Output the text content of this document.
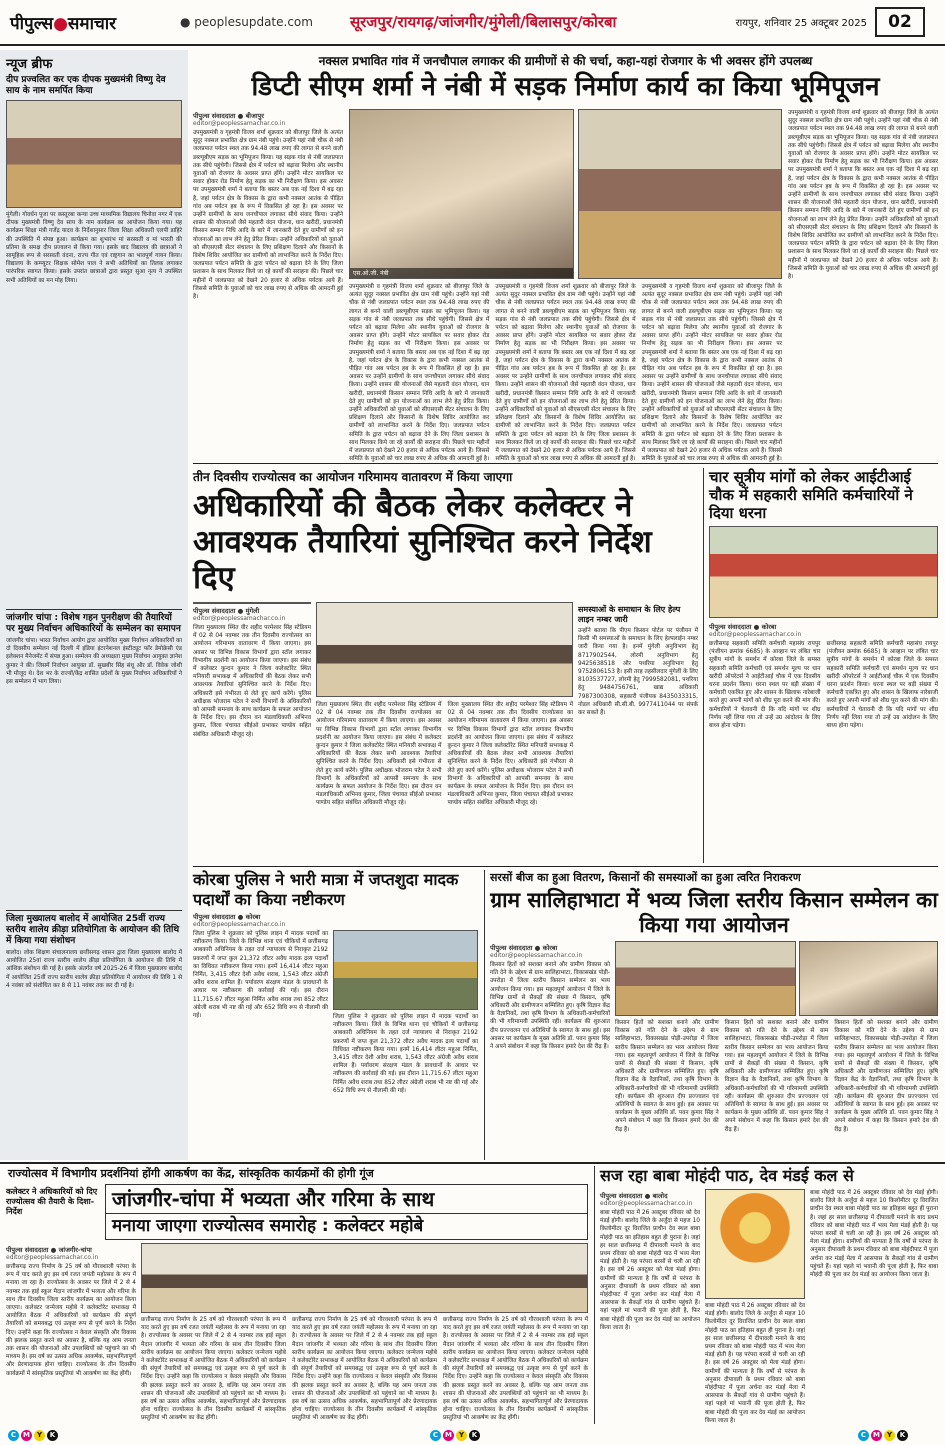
पीपुल्स●समाचार	● peoplesupdate.com	सूरजपुर/रायगढ़/जांजगीर/मुंगेली/बिलासपुर/कोरबा	रायपुर, शनिवार 25 अक्टूबर 2025	02
न्यूज ब्रीफ
दीप प्रज्वलित कर एक दीपक मुख्यमंत्री विष्णु देव साय के नाम समर्पित किया
मुंगेली। गोवर्धन पूजा पर कस्तूरबा कन्या उच्च माध्यमिक विद्यालय चिनोवा नगर में एक दीपक मुख्यमंत्री विष्णु देव साय के नाम कार्यक्रम का आयोजन किया गया। यह कार्यक्रम शिक्षा मंत्री गजेंद्र यादव के निर्देशानुसार जिला शिक्षा अधिकारी एलपी डाहिरे की उपस्थिति में संपन्न हुआ। कार्यक्रम का शुभारंभ मां सरस्वती व मां भारती की प्रतिमा के समक्ष दीप प्रज्वलन से किया गया। इसके बाद विद्यालय की छात्राओं ने सामूहिक रूप से सरस्वती वंदना, राज्य गीत एवं राष्ट्रगान का भावपूर्ण गायन किया। विद्यालय के कम्प्यूटर शिक्षक सोमेश पाल ने सभी अतिथियों का तिलक लगाकर पारंपरिक स्वागत किया। इसके उपरांत छात्राओं द्वारा प्रस्तुत सुआ नृत्य ने उपस्थित सभी अतिथियों का मन मोह लिया।
जांजगीर चांपा : विशेष गहन पुनरीक्षण की तैयारियों पर मुख्य निर्वाचन अधिकारियों के सम्मेलन का समापन
जांजगीर चांपा। भारत निर्वाचन आयोग द्वारा आयोजित मुख्य निर्वाचन अधिकारियों का दो दिवसीय सम्मेलन नई दिल्ली में इंडिया इंटरनेशनल इंस्टीट्यूट फॉर डेमोक्रेसी एंड इलेक्शन मैनेजमेंट में संपन्न हुआ। सम्मेलन की अध्यक्षता मुख्य निर्वाचन आयुक्त ज्ञानेश कुमार ने की। जिसमें निर्वाचन आयुक्त डॉ. सुखबीर सिंह संधू और डॉ. विवेक जोशी भी मौजूद थे। देश भर के राज्यों/केंद्र शासित प्रदेशों के मुख्य निर्वाचन अधिकारियों ने इस सम्मेलन में भाग लिया।
जिला मुख्यालय बालोद में आयोजित 25वीं राज्य स्तरीय शालेय क्रीड़ा प्रतियोगिता के आयोजन की तिथि में किया गया संशोधन
बालोद। लोक शिक्षण संचालनालय छत्तीसगढ़ शासन द्वारा जिला मुख्यालय बालोद में आयोजित 25वां राज्य स्तरीय शालेय क्रीड़ा प्रतियोगिता के आयोजन की तिथि में आंशिक संशोधन की गई है। इसके अंतर्गत वर्ष 2025-26 में जिला मुख्यालय बालोद में आयोजित 25वीं राज्य स्तरीय शालेय क्रीड़ा प्रतियोगिता में आयोजन की तिथि 1 से 4 नवंबर को संशोधित कर 8 से 11 नवंबर तक कर दी गई है।
नक्सल प्रभावित गांव में जनचौपाल लगाकर की ग्रामीणों से की चर्चा, कहा-यहां रोजगार के भी अवसर होंगे उपलब्ध
डिप्टी सीएम शर्मा ने नंबी में सड़क निर्माण कार्य का किया भूमिपूजन
पीपुल्स संवाददाता ● बीजापुर
editor@peoplessamachar.co.in
उपमुख्यमंत्री व गृहमंत्री विजय शर्मा शुक्रवार को बीजापुर जिले के अत्यंत सुदूर नक्सल प्रभावित क्षेत्र ग्राम नंबी पहुंचे। उन्होंने यहां नंबी चौक से नंबी जलप्रपात पर्यटन स्थल तक 94.48 लाख रुपए की लागत से बनने वाली डब्ल्यूबीएम सड़क का भूमिपूजन किया। यह सड़क गांव से नंबी जलप्रपात तक सीधे पहुंचेगी। जिससे क्षेत्र में पर्यटन को बढ़ावा मिलेगा और स्थानीय युवाओं को रोजगार के अवसर प्राप्त होंगे। उन्होंने मोटर सायकिल पर सवार होकर रोड निर्माण हेतु सड़क का भी निरीक्षण किया। इस अवसर पर उपमुख्यमंत्री शर्मा ने बताया कि बस्तर अब एक नई दिशा में बढ़ रहा है, जहां पर्यटन क्षेत्र के विकास के द्वारा कभी नक्सल आतंक से पीड़ित गांव अब पर्यटन हब के रूप में विकसित हो रहा है। इस अवसर पर उन्होंने ग्रामीणों के साथ जनचौपाल लगाकर सीधे संवाद किया। उन्होंने शासन की योजनाओं जैसे महतारी वंदन योजना, धान खरीदी, प्रधानमंत्री किसान सम्मान निधि आदि के बारे में जानकारी देते हुए ग्रामीणों को इन योजनाओं का लाभ लेने हेतु प्रेरित किया। उन्होंने अधिकारियों को युवाओं को सीएसएसी सेंटर संचालन के लिए प्रशिक्षण दिलाने और किसानों के विशेष शिविर आयोजित कर ग्रामीणों को लाभान्वित करने के निर्देश दिए। जलप्रपात पर्यटन समिति के द्वारा पर्यटन को बढ़ावा देने के लिए जिला प्रशासन के साथ मिलकर किये जा रहे कार्यों की सराहना की। पिछले चार महीनों में जलप्रपात को देखने 20 हजार से अधिक पर्यटक आये हैं। जिससे समिति के युवाओं को चार लाख रुपए से अधिक की आमदनी हुई है।
एस.ओ.जी. नंबी
उपमुख्यमंत्री व गृहमंत्री विजय शर्मा शुक्रवार को बीजापुर जिले के अत्यंत सुदूर नक्सल प्रभावित क्षेत्र ग्राम नंबी पहुंचे। उन्होंने यहां नंबी चौक से नंबी जलप्रपात पर्यटन स्थल तक 94.48 लाख रुपए की लागत से बनने वाली डब्ल्यूबीएम सड़क का भूमिपूजन किया। यह सड़क गांव से नंबी जलप्रपात तक सीधे पहुंचेगी। जिससे क्षेत्र में पर्यटन को बढ़ावा मिलेगा और स्थानीय युवाओं को रोजगार के अवसर प्राप्त होंगे। उन्होंने मोटर सायकिल पर सवार होकर रोड निर्माण हेतु सड़क का भी निरीक्षण किया। इस अवसर पर उपमुख्यमंत्री शर्मा ने बताया कि बस्तर अब एक नई दिशा में बढ़ रहा है, जहां पर्यटन क्षेत्र के विकास के द्वारा कभी नक्सल आतंक से पीड़ित गांव अब पर्यटन हब के रूप में विकसित हो रहा है। इस अवसर पर उन्होंने ग्रामीणों के साथ जनचौपाल लगाकर सीधे संवाद किया। उन्होंने शासन की योजनाओं जैसे महतारी वंदन योजना, धान खरीदी, प्रधानमंत्री किसान सम्मान निधि आदि के बारे में जानकारी देते हुए ग्रामीणों को इन योजनाओं का लाभ लेने हेतु प्रेरित किया। उन्होंने अधिकारियों को युवाओं को सीएसएसी सेंटर संचालन के लिए प्रशिक्षण दिलाने और किसानों के विशेष शिविर आयोजित कर ग्रामीणों को लाभान्वित करने के निर्देश दिए। जलप्रपात पर्यटन समिति के द्वारा पर्यटन को बढ़ावा देने के लिए जिला प्रशासन के साथ मिलकर किये जा रहे कार्यों की सराहना की। पिछले चार महीनों में जलप्रपात को देखने 20 हजार से अधिक पर्यटक आये हैं। जिससे समिति के युवाओं को चार लाख रुपए से अधिक की आमदनी हुई है।
उपमुख्यमंत्री व गृहमंत्री विजय शर्मा शुक्रवार को बीजापुर जिले के अत्यंत सुदूर नक्सल प्रभावित क्षेत्र ग्राम नंबी पहुंचे। उन्होंने यहां नंबी चौक से नंबी जलप्रपात पर्यटन स्थल तक 94.48 लाख रुपए की लागत से बनने वाली डब्ल्यूबीएम सड़क का भूमिपूजन किया। यह सड़क गांव से नंबी जलप्रपात तक सीधे पहुंचेगी। जिससे क्षेत्र में पर्यटन को बढ़ावा मिलेगा और स्थानीय युवाओं को रोजगार के अवसर प्राप्त होंगे। उन्होंने मोटर सायकिल पर सवार होकर रोड निर्माण हेतु सड़क का भी निरीक्षण किया। इस अवसर पर उपमुख्यमंत्री शर्मा ने बताया कि बस्तर अब एक नई दिशा में बढ़ रहा है, जहां पर्यटन क्षेत्र के विकास के द्वारा कभी नक्सल आतंक से पीड़ित गांव अब पर्यटन हब के रूप में विकसित हो रहा है। इस अवसर पर उन्होंने ग्रामीणों के साथ जनचौपाल लगाकर सीधे संवाद किया। उन्होंने शासन की योजनाओं जैसे महतारी वंदन योजना, धान खरीदी, प्रधानमंत्री किसान सम्मान निधि आदि के बारे में जानकारी देते हुए ग्रामीणों को इन योजनाओं का लाभ लेने हेतु प्रेरित किया। उन्होंने अधिकारियों को युवाओं को सीएसएसी सेंटर संचालन के लिए प्रशिक्षण दिलाने और किसानों के विशेष शिविर आयोजित कर ग्रामीणों को लाभान्वित करने के निर्देश दिए। जलप्रपात पर्यटन समिति के द्वारा पर्यटन को बढ़ावा देने के लिए जिला प्रशासन के साथ मिलकर किये जा रहे कार्यों की सराहना की। पिछले चार महीनों में जलप्रपात को देखने 20 हजार से अधिक पर्यटक आये हैं। जिससे समिति के युवाओं को चार लाख रुपए से अधिक की आमदनी हुई है।
उपमुख्यमंत्री व गृहमंत्री विजय शर्मा शुक्रवार को बीजापुर जिले के अत्यंत सुदूर नक्सल प्रभावित क्षेत्र ग्राम नंबी पहुंचे। उन्होंने यहां नंबी चौक से नंबी जलप्रपात पर्यटन स्थल तक 94.48 लाख रुपए की लागत से बनने वाली डब्ल्यूबीएम सड़क का भूमिपूजन किया। यह सड़क गांव से नंबी जलप्रपात तक सीधे पहुंचेगी। जिससे क्षेत्र में पर्यटन को बढ़ावा मिलेगा और स्थानीय युवाओं को रोजगार के अवसर प्राप्त होंगे। उन्होंने मोटर सायकिल पर सवार होकर रोड निर्माण हेतु सड़क का भी निरीक्षण किया। इस अवसर पर उपमुख्यमंत्री शर्मा ने बताया कि बस्तर अब एक नई दिशा में बढ़ रहा है, जहां पर्यटन क्षेत्र के विकास के द्वारा कभी नक्सल आतंक से पीड़ित गांव अब पर्यटन हब के रूप में विकसित हो रहा है। इस अवसर पर उन्होंने ग्रामीणों के साथ जनचौपाल लगाकर सीधे संवाद किया। उन्होंने शासन की योजनाओं जैसे महतारी वंदन योजना, धान खरीदी, प्रधानमंत्री किसान सम्मान निधि आदि के बारे में जानकारी देते हुए ग्रामीणों को इन योजनाओं का लाभ लेने हेतु प्रेरित किया। उन्होंने अधिकारियों को युवाओं को सीएसएसी सेंटर संचालन के लिए प्रशिक्षण दिलाने और किसानों के विशेष शिविर आयोजित कर ग्रामीणों को लाभान्वित करने के निर्देश दिए। जलप्रपात पर्यटन समिति के द्वारा पर्यटन को बढ़ावा देने के लिए जिला प्रशासन के साथ मिलकर किये जा रहे कार्यों की सराहना की। पिछले चार महीनों में जलप्रपात को देखने 20 हजार से अधिक पर्यटक आये हैं। जिससे समिति के युवाओं को चार लाख रुपए से अधिक की आमदनी हुई है।
उपमुख्यमंत्री व गृहमंत्री विजय शर्मा शुक्रवार को बीजापुर जिले के अत्यंत सुदूर नक्सल प्रभावित क्षेत्र ग्राम नंबी पहुंचे। उन्होंने यहां नंबी चौक से नंबी जलप्रपात पर्यटन स्थल तक 94.48 लाख रुपए की लागत से बनने वाली डब्ल्यूबीएम सड़क का भूमिपूजन किया। यह सड़क गांव से नंबी जलप्रपात तक सीधे पहुंचेगी। जिससे क्षेत्र में पर्यटन को बढ़ावा मिलेगा और स्थानीय युवाओं को रोजगार के अवसर प्राप्त होंगे। उन्होंने मोटर सायकिल पर सवार होकर रोड निर्माण हेतु सड़क का भी निरीक्षण किया। इस अवसर पर उपमुख्यमंत्री शर्मा ने बताया कि बस्तर अब एक नई दिशा में बढ़ रहा है, जहां पर्यटन क्षेत्र के विकास के द्वारा कभी नक्सल आतंक से पीड़ित गांव अब पर्यटन हब के रूप में विकसित हो रहा है। इस अवसर पर उन्होंने ग्रामीणों के साथ जनचौपाल लगाकर सीधे संवाद किया। उन्होंने शासन की योजनाओं जैसे महतारी वंदन योजना, धान खरीदी, प्रधानमंत्री किसान सम्मान निधि आदि के बारे में जानकारी देते हुए ग्रामीणों को इन योजनाओं का लाभ लेने हेतु प्रेरित किया। उन्होंने अधिकारियों को युवाओं को सीएसएसी सेंटर संचालन के लिए प्रशिक्षण दिलाने और किसानों के विशेष शिविर आयोजित कर ग्रामीणों को लाभान्वित करने के निर्देश दिए। जलप्रपात पर्यटन समिति के द्वारा पर्यटन को बढ़ावा देने के लिए जिला प्रशासन के साथ मिलकर किये जा रहे कार्यों की सराहना की। पिछले चार महीनों में जलप्रपात को देखने 20 हजार से अधिक पर्यटक आये हैं। जिससे समिति के युवाओं को चार लाख रुपए से अधिक की आमदनी हुई है।
तीन दिवसीय राज्योत्सव का आयोजन गरिमामय वातावरण में किया जाएगा
अधिकारियों की बैठक लेकर कलेक्टर ने आवश्यक तैयारियां सुनिश्चित करने निर्देश दिए
पीपुल्स संवाददाता ● मुंगेली
editor@peoplessamachar.co.in
जिला मुख्यालय स्थित वीर शहीद परमेश्वर सिंह स्टेडियम में 02 से 04 नवम्बर तक तीन दिवसीय राज्योत्सव का आयोजन गरिमामय वातावरण में किया जाएगा। इस अवसर पर विभिन्न विकास विभागों द्वारा स्टॉल लगाकर विभागीय प्रदर्शनी का आयोजन किया जाएगा। इस संबंध में कलेक्टर कुन्दन कुमार ने जिला कलेक्टोरेट स्थित मनियारी सभाकक्ष में अधिकारियों की बैठक लेकर सभी आवश्यक तैयारियां सुनिश्चित करने के निर्देश दिए। अधिकारी इसे गंभीरता से लेते हुए कार्य करेंगे। पुलिस अधीक्षक भोजराम पटेल ने सभी विभागों के अधिकारियों को आपसी समन्वय के साथ कार्यक्रम के सफल आयोजन के निर्देश दिए। इस दौरान वन मंडलाधिकारी अभिनव कुमार, जिला पंचायत सीईओ प्रभाकर पाण्डेय सहित संबंधित अधिकारी मौजूद रहे।
जिला मुख्यालय स्थित वीर शहीद परमेश्वर सिंह स्टेडियम में 02 से 04 नवम्बर तक तीन दिवसीय राज्योत्सव का आयोजन गरिमामय वातावरण में किया जाएगा। इस अवसर पर विभिन्न विकास विभागों द्वारा स्टॉल लगाकर विभागीय प्रदर्शनी का आयोजन किया जाएगा। इस संबंध में कलेक्टर कुन्दन कुमार ने जिला कलेक्टोरेट स्थित मनियारी सभाकक्ष में अधिकारियों की बैठक लेकर सभी आवश्यक तैयारियां सुनिश्चित करने के निर्देश दिए। अधिकारी इसे गंभीरता से लेते हुए कार्य करेंगे। पुलिस अधीक्षक भोजराम पटेल ने सभी विभागों के अधिकारियों को आपसी समन्वय के साथ कार्यक्रम के सफल आयोजन के निर्देश दिए। इस दौरान वन मंडलाधिकारी अभिनव कुमार, जिला पंचायत सीईओ प्रभाकर पाण्डेय सहित संबंधित अधिकारी मौजूद रहे।
जिला मुख्यालय स्थित वीर शहीद परमेश्वर सिंह स्टेडियम में 02 से 04 नवम्बर तक तीन दिवसीय राज्योत्सव का आयोजन गरिमामय वातावरण में किया जाएगा। इस अवसर पर विभिन्न विकास विभागों द्वारा स्टॉल लगाकर विभागीय प्रदर्शनी का आयोजन किया जाएगा। इस संबंध में कलेक्टर कुन्दन कुमार ने जिला कलेक्टोरेट स्थित मनियारी सभाकक्ष में अधिकारियों की बैठक लेकर सभी आवश्यक तैयारियां सुनिश्चित करने के निर्देश दिए। अधिकारी इसे गंभीरता से लेते हुए कार्य करेंगे। पुलिस अधीक्षक भोजराम पटेल ने सभी विभागों के अधिकारियों को आपसी समन्वय के साथ कार्यक्रम के सफल आयोजन के निर्देश दिए। इस दौरान वन मंडलाधिकारी अभिनव कुमार, जिला पंचायत सीईओ प्रभाकर पाण्डेय सहित संबंधित अधिकारी मौजूद रहे।
समस्याओं के समाधान के लिए हेल्प लाइन नम्बर जारी
उन्होंने बताया कि पीएम किसान पोर्टल पर पंजीयन में किसी भी समस्याओं के समाधान के लिए हेल्पलाईन नम्बर जारी किया गया है। इनमें मुंगेली अनुविभाग हेतु 8717902544, लोरमी अनुविभाग हेतु 9425638518 और पथरिया अनुविभाग हेतु 9752806153 है। इसी तरह तहसीलदार मुंगेली के लिए 8103537727, लोरमी हेतु 7999582081, पथरिया हेतु 9484756761, खाद्य अधिकारी 7987300308, सहकारी पंजीयक 8435033315, नोडल अधिकारी सी.सी.बी. 9977411044 पर संपर्क कर सकते हैं।
चार सूत्रीय मांगों को लेकर आईटीआई चौक में सहकारी समिति कर्मचारियों ने दिया धरना
पीपुल्स संवाददाता ● कोरबा
editor@peoplessamachar.co.in
छत्तीसगढ़ सहकारी समिति कर्मचारी महासंघ रायपुर (पंजीयन क्रमांक 6685) के आव्हान पर लंबित चार सूत्रीय मांगों के समर्थन में कोरबा जिले के समस्त सहकारी समिति कर्मचारी एवं समर्थन मूल्य पर धान खरीदी ऑपरेटर्स ने आईटीआई चौक में एक दिवसीय धरना प्रदर्शन किया। धरना स्थल पर बड़ी संख्या में कर्मचारी एकत्रित हुए और शासन के खिलाफ नारेबाजी करते हुए अपनी मांगों को शीघ्र पूरा करने की मांग की। कर्मचारियों ने चेतावनी दी कि यदि मांगों पर शीघ्र निर्णय नहीं लिया गया तो उन्हें उग्र आंदोलन के लिए बाध्य होना पड़ेगा।
छत्तीसगढ़ सहकारी समिति कर्मचारी महासंघ रायपुर (पंजीयन क्रमांक 6685) के आव्हान पर लंबित चार सूत्रीय मांगों के समर्थन में कोरबा जिले के समस्त सहकारी समिति कर्मचारी एवं समर्थन मूल्य पर धान खरीदी ऑपरेटर्स ने आईटीआई चौक में एक दिवसीय धरना प्रदर्शन किया। धरना स्थल पर बड़ी संख्या में कर्मचारी एकत्रित हुए और शासन के खिलाफ नारेबाजी करते हुए अपनी मांगों को शीघ्र पूरा करने की मांग की। कर्मचारियों ने चेतावनी दी कि यदि मांगों पर शीघ्र निर्णय नहीं लिया गया तो उन्हें उग्र आंदोलन के लिए बाध्य होना पड़ेगा।
कोरबा पुलिस ने भारी मात्रा में जप्तशुदा मादक पदार्थों का किया नष्टीकरण
पीपुल्स संवाददाता ● कोरबा
editor@peoplessamachar.co.in
जिला पुलिस ने शुक्रवार को पुलिस लाइन में मादक पदार्थों का नष्टीकरण किया। जिले के विभिन्न थाना एवं चौकियों में छत्तीसगढ़ आबकारी अधिनियम के तहत दर्ज न्यायालय से निराकृत 2192 प्रकरणों में जप्त कुल 21,372 लीटर अवैध मादक द्रव्य पदार्थों का विधिवत नष्टीकरण किया गया। इनमें 16,414 लीटर महुआ निर्मित, 3,415 लीटर देशी अवैध शराब, 1,543 लीटर अंग्रेजी अवैध शराब शामिल हैं। पर्यावरण संरक्षण मंडल के प्रावधानों के आधार पर नष्टीकरण की कार्रवाई की गई। इस दौरान 11,715.67 लीटर महुआ निर्मित अवैध शराब तथा 852 लीटर अंग्रेजी शराब भी नष्ट की गई और 652 विधि रूप से नीलामी की गई।	जिला पुलिस ने शुक्रवार को पुलिस लाइन में मादक पदार्थों का नष्टीकरण किया। जिले के विभिन्न थाना एवं चौकियों में छत्तीसगढ़ आबकारी अधिनियम के तहत दर्ज न्यायालय से निराकृत 2192 प्रकरणों में जप्त कुल 21,372 लीटर अवैध मादक द्रव्य पदार्थों का विधिवत नष्टीकरण किया गया। इनमें 16,414 लीटर महुआ निर्मित, 3,415 लीटर देशी अवैध शराब, 1,543 लीटर अंग्रेजी अवैध शराब शामिल हैं। पर्यावरण संरक्षण मंडल के प्रावधानों के आधार पर नष्टीकरण की कार्रवाई की गई। इस दौरान 11,715.67 लीटर महुआ निर्मित अवैध शराब तथा 852 लीटर अंग्रेजी शराब भी नष्ट की गई और 652 विधि रूप से नीलामी की गई।
सरसों बीज का हुआ वितरण, किसानों की समस्याओं का हुआ त्वरित निराकरण
ग्राम सालिहाभाटा में भव्य जिला स्तरीय किसान सम्मेलन का किया गया आयोजन
पीपुल्स संवाददाता ● कोरबा
editor@peoplessamachar.co.in
किसान हितों को सशक्त बनाने और ग्रामीण विकास को गति देने के उद्देश्य से ग्राम सालिहाभाटा, विकासखंड पोड़ी-उपरोड़ा में जिला स्तरीय किसान सम्मेलन का भव्य आयोजन किया गया। इस महत्वपूर्ण आयोजन में जिले के विभिन्न ग्रामों से सैकड़ों की संख्या में किसान, कृषि अधिकारी और ग्रामीणजन सम्मिलित हुए। कृषि विज्ञान केंद्र के वैज्ञानिकों, तथा कृषि विभाग के अधिकारी-कर्मचारियों की भी गरिमामयी उपस्थिति रही। कार्यक्रम की शुरुआत दीप प्रज्ज्वलन एवं अतिथियों के स्वागत के साथ हुई। इस अवसर पर कार्यक्रम के मुख्य अतिथि डॉ. पवन कुमार सिंह ने अपने संबोधन में कहा कि किसान हमारे देश की रीढ़ हैं।
किसान हितों को सशक्त बनाने और ग्रामीण विकास को गति देने के उद्देश्य से ग्राम सालिहाभाटा, विकासखंड पोड़ी-उपरोड़ा में जिला स्तरीय किसान सम्मेलन का भव्य आयोजन किया गया। इस महत्वपूर्ण आयोजन में जिले के विभिन्न ग्रामों से सैकड़ों की संख्या में किसान, कृषि अधिकारी और ग्रामीणजन सम्मिलित हुए। कृषि विज्ञान केंद्र के वैज्ञानिकों, तथा कृषि विभाग के अधिकारी-कर्मचारियों की भी गरिमामयी उपस्थिति रही। कार्यक्रम की शुरुआत दीप प्रज्ज्वलन एवं अतिथियों के स्वागत के साथ हुई। इस अवसर पर कार्यक्रम के मुख्य अतिथि डॉ. पवन कुमार सिंह ने अपने संबोधन में कहा कि किसान हमारे देश की रीढ़ हैं।
किसान हितों को सशक्त बनाने और ग्रामीण विकास को गति देने के उद्देश्य से ग्राम सालिहाभाटा, विकासखंड पोड़ी-उपरोड़ा में जिला स्तरीय किसान सम्मेलन का भव्य आयोजन किया गया। इस महत्वपूर्ण आयोजन में जिले के विभिन्न ग्रामों से सैकड़ों की संख्या में किसान, कृषि अधिकारी और ग्रामीणजन सम्मिलित हुए। कृषि विज्ञान केंद्र के वैज्ञानिकों, तथा कृषि विभाग के अधिकारी-कर्मचारियों की भी गरिमामयी उपस्थिति रही। कार्यक्रम की शुरुआत दीप प्रज्ज्वलन एवं अतिथियों के स्वागत के साथ हुई। इस अवसर पर कार्यक्रम के मुख्य अतिथि डॉ. पवन कुमार सिंह ने अपने संबोधन में कहा कि किसान हमारे देश की रीढ़ हैं।
किसान हितों को सशक्त बनाने और ग्रामीण विकास को गति देने के उद्देश्य से ग्राम सालिहाभाटा, विकासखंड पोड़ी-उपरोड़ा में जिला स्तरीय किसान सम्मेलन का भव्य आयोजन किया गया। इस महत्वपूर्ण आयोजन में जिले के विभिन्न ग्रामों से सैकड़ों की संख्या में किसान, कृषि अधिकारी और ग्रामीणजन सम्मिलित हुए। कृषि विज्ञान केंद्र के वैज्ञानिकों, तथा कृषि विभाग के अधिकारी-कर्मचारियों की भी गरिमामयी उपस्थिति रही। कार्यक्रम की शुरुआत दीप प्रज्ज्वलन एवं अतिथियों के स्वागत के साथ हुई। इस अवसर पर कार्यक्रम के मुख्य अतिथि डॉ. पवन कुमार सिंह ने अपने संबोधन में कहा कि किसान हमारे देश की रीढ़ हैं।
राज्योत्सव में विभागीय प्रदर्शनियां होंगी आकर्षण का केंद्र, सांस्कृतिक कार्यक्रमों की होगी गूंज
कलेक्टर ने अधिकारियों को दिए राज्योत्सव की तैयारी के दिशा-निर्देश
जांजगीर-चांपा में भव्यता और गरिमा के साथ
मनाया जाएगा राज्योत्सव समारोह : कलेक्टर महोबे
पीपुल्स संवाददाता ● जांजगीर-चांपा
editor@peoplessamachar.co.in
छत्तीसगढ़ राज्य निर्माण के 25 वर्ष को गौरवशाली परंपरा के रूप में याद करते हुए इस वर्ष रजत जयंती महोत्सव के रूप में मनाया जा रहा है। राज्योत्सव के अवसर पर जिले में 2 से 4 नवम्बर तक हाई स्कूल मैदान जांजगीर में भव्यता और गरिमा के साथ तीन दिवसीय जिला स्तरीय कार्यक्रम का आयोजन किया जाएगा। कलेक्टर जन्मेजय महोबे ने कलेक्टोरेट सभाकक्ष में आयोजित बैठक में अधिकारियों को कार्यक्रम की संपूर्ण तैयारियों को समयबद्ध एवं उत्कृष्ट रूप से पूर्ण करने के निर्देश दिए। उन्होंने कहा कि राज्योत्सव न केवल संस्कृति और विकास की झलक प्रस्तुत करने का अवसर है, बल्कि यह आम जनता तक शासन की योजनाओं और उपलब्धियों को पहुंचाने का भी माध्यम है। इस वर्ष का उत्सव अधिक आकर्षक, सहभागितापूर्ण और प्रेरणादायक होना चाहिए। राज्योत्सव के तीन दिवसीय कार्यक्रमों में सांस्कृतिक प्रस्तुतियां भी आकर्षण का केंद्र होंगी।
छत्तीसगढ़ राज्य निर्माण के 25 वर्ष को गौरवशाली परंपरा के रूप में याद करते हुए इस वर्ष रजत जयंती महोत्सव के रूप में मनाया जा रहा है। राज्योत्सव के अवसर पर जिले में 2 से 4 नवम्बर तक हाई स्कूल मैदान जांजगीर में भव्यता और गरिमा के साथ तीन दिवसीय जिला स्तरीय कार्यक्रम का आयोजन किया जाएगा। कलेक्टर जन्मेजय महोबे ने कलेक्टोरेट सभाकक्ष में आयोजित बैठक में अधिकारियों को कार्यक्रम की संपूर्ण तैयारियों को समयबद्ध एवं उत्कृष्ट रूप से पूर्ण करने के निर्देश दिए। उन्होंने कहा कि राज्योत्सव न केवल संस्कृति और विकास की झलक प्रस्तुत करने का अवसर है, बल्कि यह आम जनता तक शासन की योजनाओं और उपलब्धियों को पहुंचाने का भी माध्यम है। इस वर्ष का उत्सव अधिक आकर्षक, सहभागितापूर्ण और प्रेरणादायक होना चाहिए। राज्योत्सव के तीन दिवसीय कार्यक्रमों में सांस्कृतिक प्रस्तुतियां भी आकर्षण का केंद्र होंगी।
छत्तीसगढ़ राज्य निर्माण के 25 वर्ष को गौरवशाली परंपरा के रूप में याद करते हुए इस वर्ष रजत जयंती महोत्सव के रूप में मनाया जा रहा है। राज्योत्सव के अवसर पर जिले में 2 से 4 नवम्बर तक हाई स्कूल मैदान जांजगीर में भव्यता और गरिमा के साथ तीन दिवसीय जिला स्तरीय कार्यक्रम का आयोजन किया जाएगा। कलेक्टर जन्मेजय महोबे ने कलेक्टोरेट सभाकक्ष में आयोजित बैठक में अधिकारियों को कार्यक्रम की संपूर्ण तैयारियों को समयबद्ध एवं उत्कृष्ट रूप से पूर्ण करने के निर्देश दिए। उन्होंने कहा कि राज्योत्सव न केवल संस्कृति और विकास की झलक प्रस्तुत करने का अवसर है, बल्कि यह आम जनता तक शासन की योजनाओं और उपलब्धियों को पहुंचाने का भी माध्यम है। इस वर्ष का उत्सव अधिक आकर्षक, सहभागितापूर्ण और प्रेरणादायक होना चाहिए। राज्योत्सव के तीन दिवसीय कार्यक्रमों में सांस्कृतिक प्रस्तुतियां भी आकर्षण का केंद्र होंगी।
छत्तीसगढ़ राज्य निर्माण के 25 वर्ष को गौरवशाली परंपरा के रूप में याद करते हुए इस वर्ष रजत जयंती महोत्सव के रूप में मनाया जा रहा है। राज्योत्सव के अवसर पर जिले में 2 से 4 नवम्बर तक हाई स्कूल मैदान जांजगीर में भव्यता और गरिमा के साथ तीन दिवसीय जिला स्तरीय कार्यक्रम का आयोजन किया जाएगा। कलेक्टर जन्मेजय महोबे ने कलेक्टोरेट सभाकक्ष में आयोजित बैठक में अधिकारियों को कार्यक्रम की संपूर्ण तैयारियों को समयबद्ध एवं उत्कृष्ट रूप से पूर्ण करने के निर्देश दिए। उन्होंने कहा कि राज्योत्सव न केवल संस्कृति और विकास की झलक प्रस्तुत करने का अवसर है, बल्कि यह आम जनता तक शासन की योजनाओं और उपलब्धियों को पहुंचाने का भी माध्यम है। इस वर्ष का उत्सव अधिक आकर्षक, सहभागितापूर्ण और प्रेरणादायक होना चाहिए। राज्योत्सव के तीन दिवसीय कार्यक्रमों में सांस्कृतिक प्रस्तुतियां भी आकर्षण का केंद्र होंगी।
सज रहा बाबा मोहंदी पाठ, देव मंडई कल से
पीपुल्स संवाददाता ● बालोद
editor@peoplessamachar.co.in
बाबा मोहंदी पाठ में 26 अक्टूबर रविवार को देव मंडई होगी। बालोद जिले के अर्जुंदा से महज 10 किलोमीटर दूर विराजित प्राचीन देव स्थल बाबा मोहंदी पाठ का इतिहास बहुत ही पुराना है। जहां हर साल छत्तीसगढ़ में दीपावली मनाने के बाद प्रथम रविवार को बाबा मोहंदी पाठ में भव्य मेला मंडई होती है। यह परंपरा बरसों से चली आ रही है। इस वर्ष 26 अक्टूबर को मेला मंडई होगा। ग्रामीणों की मान्यता है कि वर्षों से परंपरा के अनुसार दीपावली के प्रथम रविवार को बाबा मोहंदीपाट में पूजा अर्चना कर मंडई मेला में आसपास के सैकड़ों गांव से ग्रामीण पहुंचते हैं। यहां पहले मां भवानी की पूजा होती है, फिर बाबा मोहंदी की पूजा कर देव मंडई का आयोजन किया जाता है।
बाबा मोहंदी पाठ में 26 अक्टूबर रविवार को देव मंडई होगी। बालोद जिले के अर्जुंदा से महज 10 किलोमीटर दूर विराजित प्राचीन देव स्थल बाबा मोहंदी पाठ का इतिहास बहुत ही पुराना है। जहां हर साल छत्तीसगढ़ में दीपावली मनाने के बाद प्रथम रविवार को बाबा मोहंदी पाठ में भव्य मेला मंडई होती है। यह परंपरा बरसों से चली आ रही है। इस वर्ष 26 अक्टूबर को मेला मंडई होगा। ग्रामीणों की मान्यता है कि वर्षों से परंपरा के अनुसार दीपावली के प्रथम रविवार को बाबा मोहंदीपाट में पूजा अर्चना कर मंडई मेला में आसपास के सैकड़ों गांव से ग्रामीण पहुंचते हैं। यहां पहले मां भवानी की पूजा होती है, फिर बाबा मोहंदी की पूजा कर देव मंडई का आयोजन किया जाता है।
बाबा मोहंदी पाठ में 26 अक्टूबर रविवार को देव मंडई होगी। बालोद जिले के अर्जुंदा से महज 10 किलोमीटर दूर विराजित प्राचीन देव स्थल बाबा मोहंदी पाठ का इतिहास बहुत ही पुराना है। जहां हर साल छत्तीसगढ़ में दीपावली मनाने के बाद प्रथम रविवार को बाबा मोहंदी पाठ में भव्य मेला मंडई होती है। यह परंपरा बरसों से चली आ रही है। इस वर्ष 26 अक्टूबर को मेला मंडई होगा। ग्रामीणों की मान्यता है कि वर्षों से परंपरा के अनुसार दीपावली के प्रथम रविवार को बाबा मोहंदीपाट में पूजा अर्चना कर मंडई मेला में आसपास के सैकड़ों गांव से ग्रामीण पहुंचते हैं। यहां पहले मां भवानी की पूजा होती है, फिर बाबा मोहंदी की पूजा कर देव मंडई का आयोजन किया जाता है।
C M Y	K	C M Y	K	C M Y	K
